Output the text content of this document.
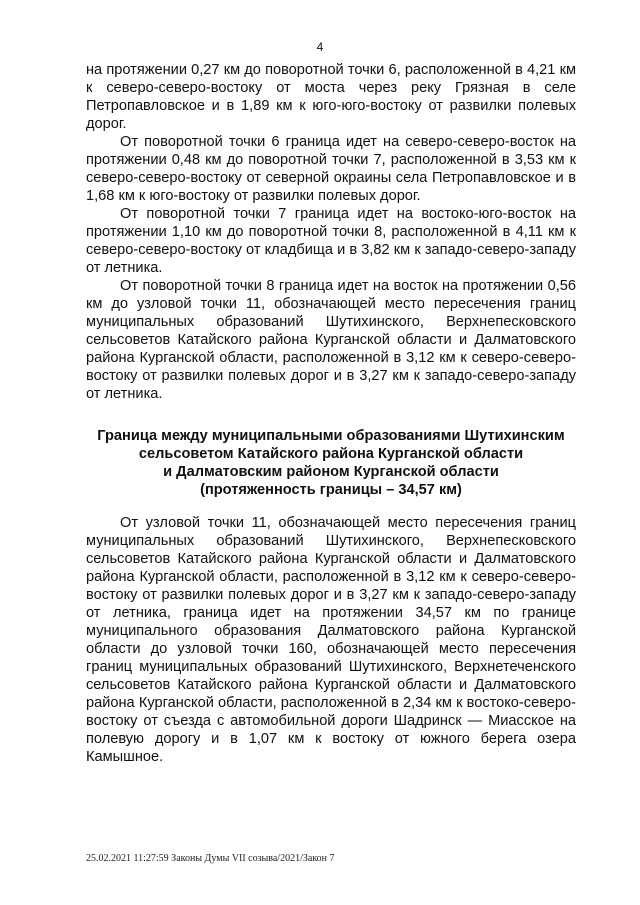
4

на протяжении 0,27 км до поворотной точки 6, расположенной в 4,21 км к северо-северо-востоку от моста через реку Грязная в селе Петропавловское и в 1,89 км к юго-юго-востоку от развилки полевых дорог.

От поворотной точки 6 граница идет на северо-северо-восток на протяжении 0,48 км до поворотной точки 7, расположенной в 3,53 км к северо-северо-востоку от северной окраины села Петропавловское и в 1,68 км к юго-востоку от развилки полевых дорог.

От поворотной точки 7 граница идет на востоко-юго-восток на протяжении 1,10 км до поворотной точки 8, расположенной в 4,11 км к северо-северо-востоку от кладбища и в 3,82 км к западо-северо-западу от летника.

От поворотной точки 8 граница идет на восток на протяжении 0,56 км до узловой точки 11, обозначающей место пересечения границ муниципальных образований Шутихинского, Верхнепесковского сельсоветов Катайского района Курганской области и Далматовского района Курганской области, расположенной в 3,12 км к северо-северо-востоку от развилки полевых дорог и в 3,27 км к западо-северо-западу от летника.

Граница между муниципальными образованиями Шутихинским
сельсоветом Катайского района Курганской области
и Далматовским районом Курганской области
(протяженность границы – 34,57 км)

От узловой точки 11, обозначающей место пересечения границ муниципальных образований Шутихинского, Верхнепесковского сельсоветов Катайского района Курганской области и Далматовского района Курганской области, расположенной в 3,12 км к северо-северо-востоку от развилки полевых дорог и в 3,27 км к западо-северо-западу от летника, граница идет на протяжении 34,57 км по границе муниципального образования Далматовского района Курганской области до узловой точки 160, обозначающей место пересечения границ муниципальных образований Шутихинского, Верхнетеченского сельсоветов Катайского района Курганской области и Далматовского района Курганской области, расположенной в 2,34 км к востоко-северо-востоку от съезда с автомобильной дороги Шадринск — Миасское на полевую дорогу и в 1,07 км к востоку от южного берега озера Камышное.

25.02.2021 11:27:59 Законы Думы VII созыва/2021/Закон 7
